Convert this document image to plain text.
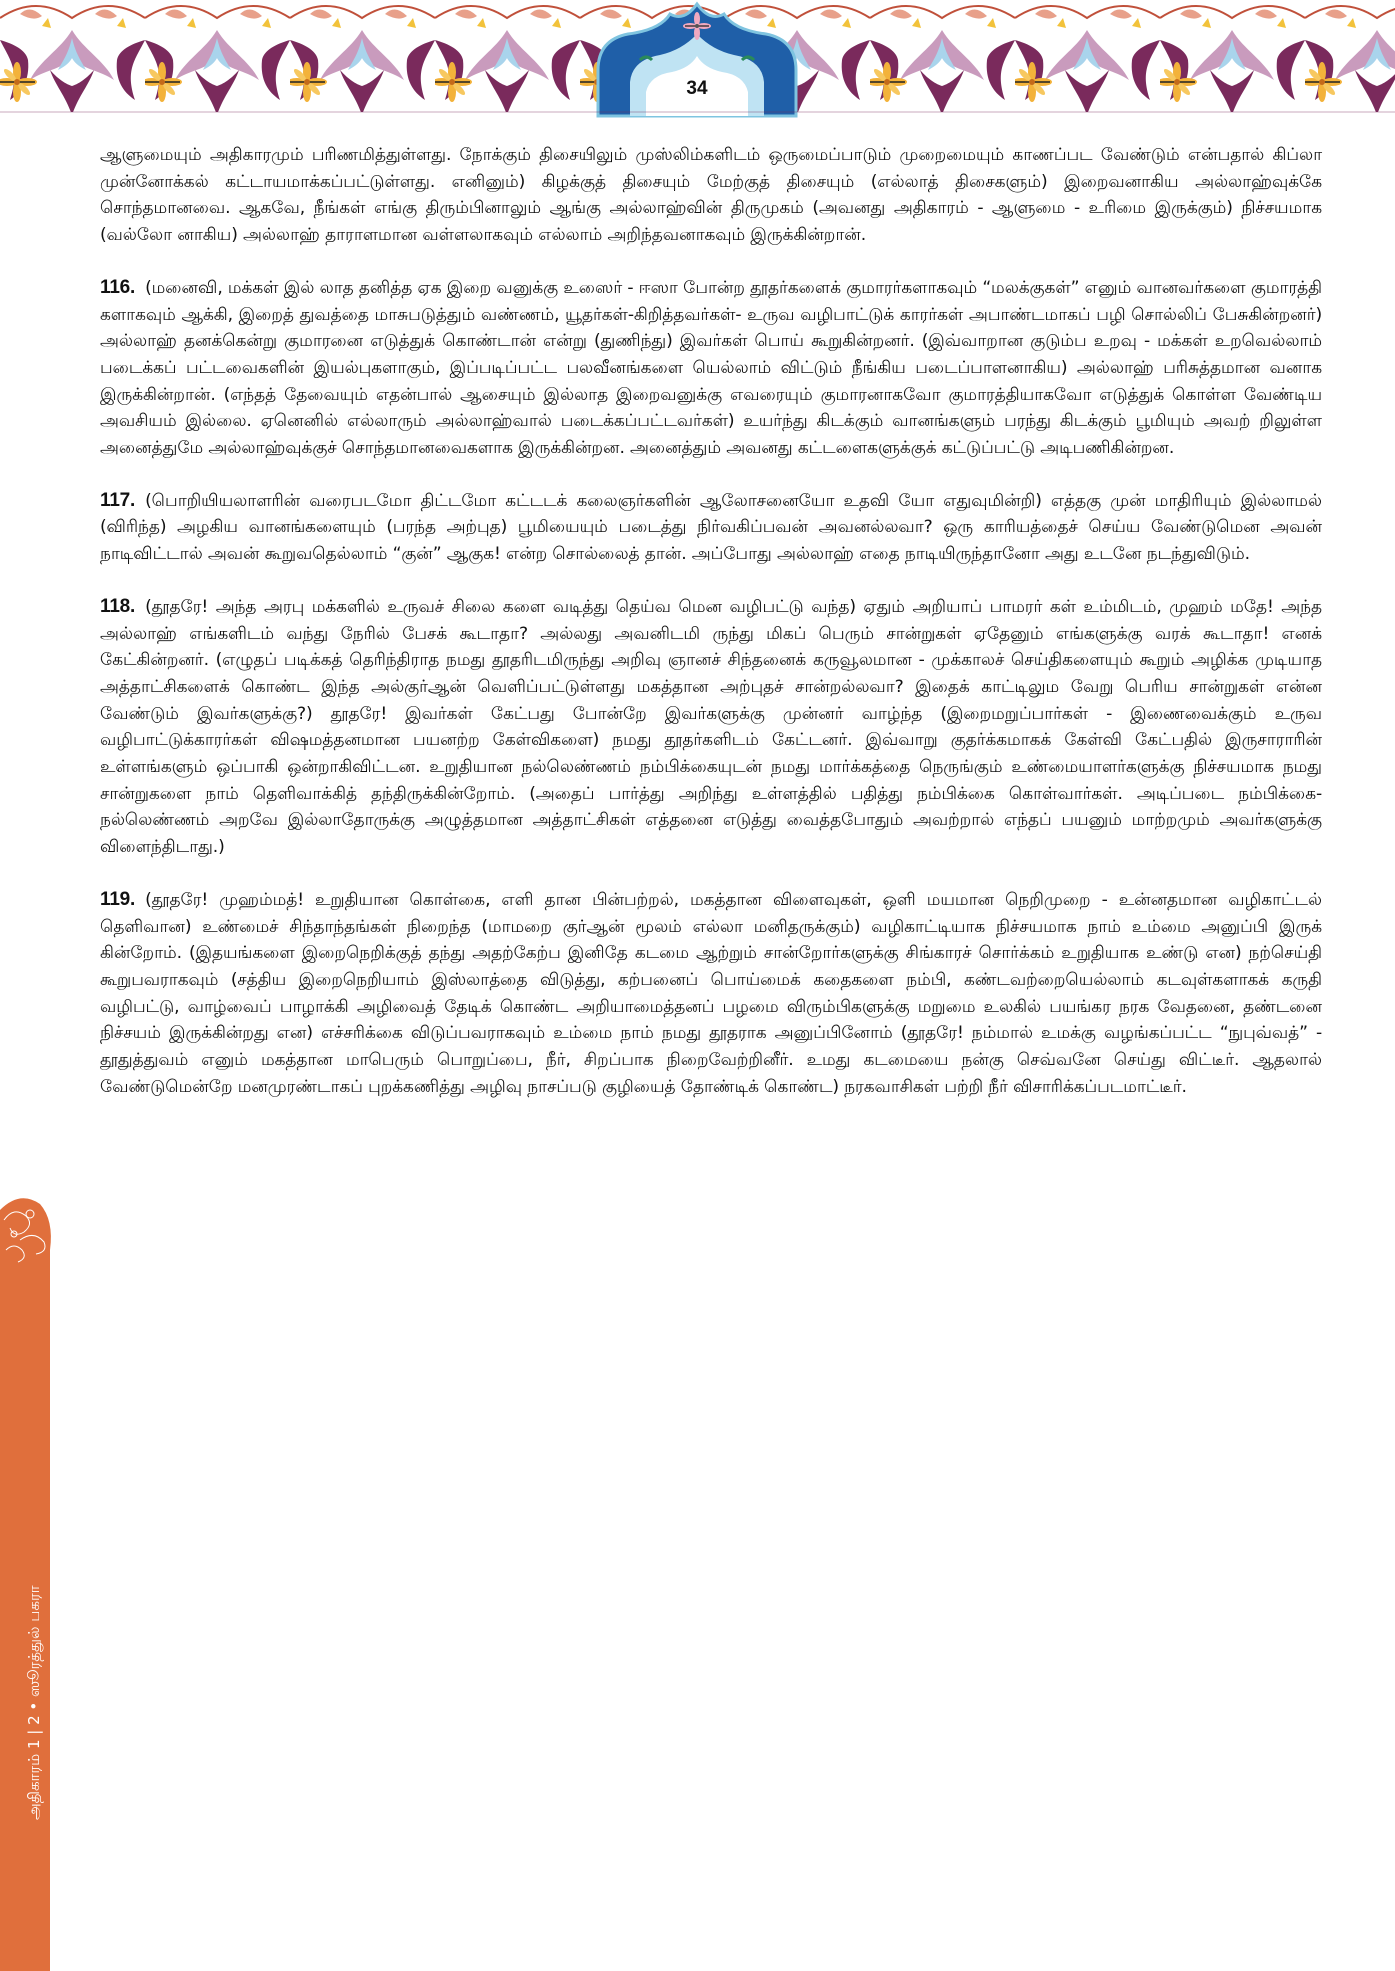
34

ஆளுமையும் அதிகாரமும் பரிணமித்துள்ளது. நோக்கும் திசையிலும் முஸ்லிம்களிடம் ஒருமைப்பாடும் முறைமையும் காணப்பட வேண்டும் என்பதால் கிப்லா முன்னோக்கல் கட்டாயமாக்கப்பட்டுள்ளது. எனினும்) கிழக்குத் திசையும் மேற்குத் திசையும் (எல்லாத் திசைகளும்) இறைவனாகிய அல்லாஹ்வுக்கே சொந்தமானவை. ஆகவே, நீங்கள் எங்கு திரும்பினாலும் ஆங்கு அல்லாஹ்வின் திருமுகம் (அவனது அதிகாரம் - ஆளுமை - உரிமை இருக்கும்) நிச்சயமாக (வல்லோ னாகிய) அல்லாஹ் தாராளமான வள்ளலாகவும் எல்லாம் அறிந்தவனாகவும் இருக்கின்றான்.

116. (மனைவி, மக்கள் இல் லாத தனித்த ஏக இறை வனுக்கு உஸைர் - ஈஸா போன்ற தூதர்களைக் குமாரர்களாகவும் “மலக்குகள்” எனும் வானவர்களை குமாரத்தி களாகவும் ஆக்கி, இறைத் துவத்தை மாசுபடுத்தும் வண்ணம், யூதர்கள்-கிறித்தவர்கள்- உருவ வழிபாட்டுக் காரர்கள் அபாண்டமாகப் பழி சொல்லிப் பேசுகின்றனர்) அல்லாஹ் தனக்கென்று குமாரனை எடுத்துக் கொண்டான் என்று (துணிந்து) இவர்கள் பொய் கூறுகின்றனர். (இவ்வாறான குடும்ப உறவு - மக்கள் உறவெல்லாம் படைக்கப் பட்டவைகளின் இயல்புகளாகும், இப்படிப்பட்ட பலவீனங்களை யெல்லாம் விட்டும் நீங்கிய படைப்பாளனாகிய) அல்லாஹ் பரிசுத்தமான வனாக இருக்கின்றான். (எந்தத் தேவையும் எதன்பால் ஆசையும் இல்லாத இறைவனுக்கு எவரையும் குமாரனாகவோ குமாரத்தியாகவோ எடுத்துக் கொள்ள வேண்டிய அவசியம் இல்லை. ஏனெனில் எல்லாரும் அல்லாஹ்வால் படைக்கப்பட்டவர்கள்) உயர்ந்து கிடக்கும் வானங்களும் பரந்து கிடக்கும் பூமியும் அவற் றிலுள்ள அனைத்துமே அல்லாஹ்வுக்குச் சொந்தமானவைகளாக இருக்கின்றன. அனைத்தும் அவனது கட்டளைகளுக்குக் கட்டுப்பட்டு அடிபணிகின்றன.

117. (பொறியியலாளரின் வரைபடமோ திட்டமோ கட்டடக் கலைஞர்களின் ஆலோசனையோ உதவி யோ எதுவுமின்றி) எத்தகு முன் மாதிரியும் இல்லாமல் (விரிந்த) அழகிய வானங்களையும் (பரந்த அற்புத) பூமியையும் படைத்து நிர்வகிப்பவன் அவனல்லவா? ஒரு காரியத்தைச் செய்ய வேண்டுமென அவன் நாடிவிட்டால் அவன் கூறுவதெல்லாம் “குன்” ஆகுக! என்ற சொல்லைத் தான். அப்போது அல்லாஹ் எதை நாடியிருந்தானோ அது உடனே நடந்துவிடும்.

118. (தூதரே! அந்த அரபு மக்களில் உருவச் சிலை களை வடித்து தெய்வ மென வழிபட்டு வந்த) ஏதும் அறியாப் பாமரர் கள் உம்மிடம், முஹம் மதே! அந்த அல்லாஹ் எங்களிடம் வந்து நேரில் பேசக் கூடாதா? அல்லது அவனிடமி ருந்து மிகப் பெரும் சான்றுகள் ஏதேனும் எங்களுக்கு வரக் கூடாதா! எனக் கேட்கின்றனர். (எழுதப் படிக்கத் தெரிந்திராத நமது தூதரிடமிருந்து அறிவு ஞானச் சிந்தனைக் கருவூலமான - முக்காலச் செய்திகளையும் கூறும் அழிக்க முடியாத அத்தாட்சிகளைக் கொண்ட இந்த அல்குர்ஆன் வெளிப்பட்டுள்ளது மகத்தான அற்புதச் சான்றல்லவா? இதைக் காட்டிலும வேறு பெரிய சான்றுகள் என்ன வேண்டும் இவர்களுக்கு?) தூதரே! இவர்கள் கேட்பது போன்றே இவர்களுக்கு முன்னர் வாழ்ந்த (இறைமறுப்பார்கள் - இணைவைக்கும் உருவ வழிபாட்டுக்காரர்கள் விஷமத்தனமான பயனற்ற கேள்விகளை) நமது தூதர்களிடம் கேட்டனர். இவ்வாறு குதர்க்கமாகக் கேள்வி கேட்பதில் இருசாராரின் உள்ளங்களும் ஒப்பாகி ஒன்றாகிவிட்டன. உறுதியான நல்லெண்ணம் நம்பிக்கையுடன் நமது மார்க்கத்தை நெருங்கும் உண்மையாளர்களுக்கு நிச்சயமாக நமது சான்றுகளை நாம் தெளிவாக்கித் தந்திருக்கின்றோம். (அதைப் பார்த்து அறிந்து உள்ளத்தில் பதித்து நம்பிக்கை கொள்வார்கள். அடிப்படை நம்பிக்கை-நல்லெண்ணம் அறவே இல்லாதோருக்கு அழுத்தமான அத்தாட்சிகள் எத்தனை எடுத்து வைத்தபோதும் அவற்றால் எந்தப் பயனும் மாற்றமும் அவர்களுக்கு விளைந்திடாது.)

119. (தூதரே! முஹம்மத்! உறுதியான கொள்கை, எளி தான பின்பற்றல், மகத்தான விளைவுகள், ஒளி மயமான நெறிமுறை - உன்னதமான வழிகாட்டல் தெளிவான) உண்மைச் சிந்தாந்தங்கள் நிறைந்த (மாமறை குர்ஆன் மூலம் எல்லா மனிதருக்கும்) வழிகாட்டியாக நிச்சயமாக நாம் உம்மை அனுப்பி இருக் கின்றோம். (இதயங்களை இறைநெறிக்குத் தந்து அதற்கேற்ப இனிதே கடமை ஆற்றும் சான்றோர்களுக்கு சிங்காரச் சொர்க்கம் உறுதியாக உண்டு என) நற்செய்தி கூறுபவராகவும் (சத்திய இறைநெறியாம் இஸ்லாத்தை விடுத்து, கற்பனைப் பொய்மைக் கதைகளை நம்பி, கண்டவற்றையெல்லாம் கடவுள்களாகக் கருதி வழிபட்டு, வாழ்வைப் பாழாக்கி அழிவைத் தேடிக் கொண்ட அறியாமைத்தனப் பழமை விரும்பிகளுக்கு மறுமை உலகில் பயங்கர நரக வேதனை, தண்டனை நிச்சயம் இருக்கின்றது என) எச்சரிக்கை விடுப்பவராகவும் உம்மை நாம் நமது தூதராக அனுப்பினோம் (தூதரே! நம்மால் உமக்கு வழங்கப்பட்ட “நுபுவ்வத்” - தூதுத்துவம் எனும் மகத்தான மாபெரும் பொறுப்பை, நீர், சிறப்பாக நிறைவேற்றினீர். உமது கடமையை நன்கு செவ்வனே செய்து விட்டீர். ஆதலால் வேண்டுமென்றே மனமுரண்டாகப் புறக்கணித்து அழிவு நாசப்படு குழியைத் தோண்டிக் கொண்ட) நரகவாசிகள் பற்றி நீர் விசாரிக்கப்படமாட்டீர்.

அதிகாரம் 1 | 2 • ஸூரத்துல் பகரா
